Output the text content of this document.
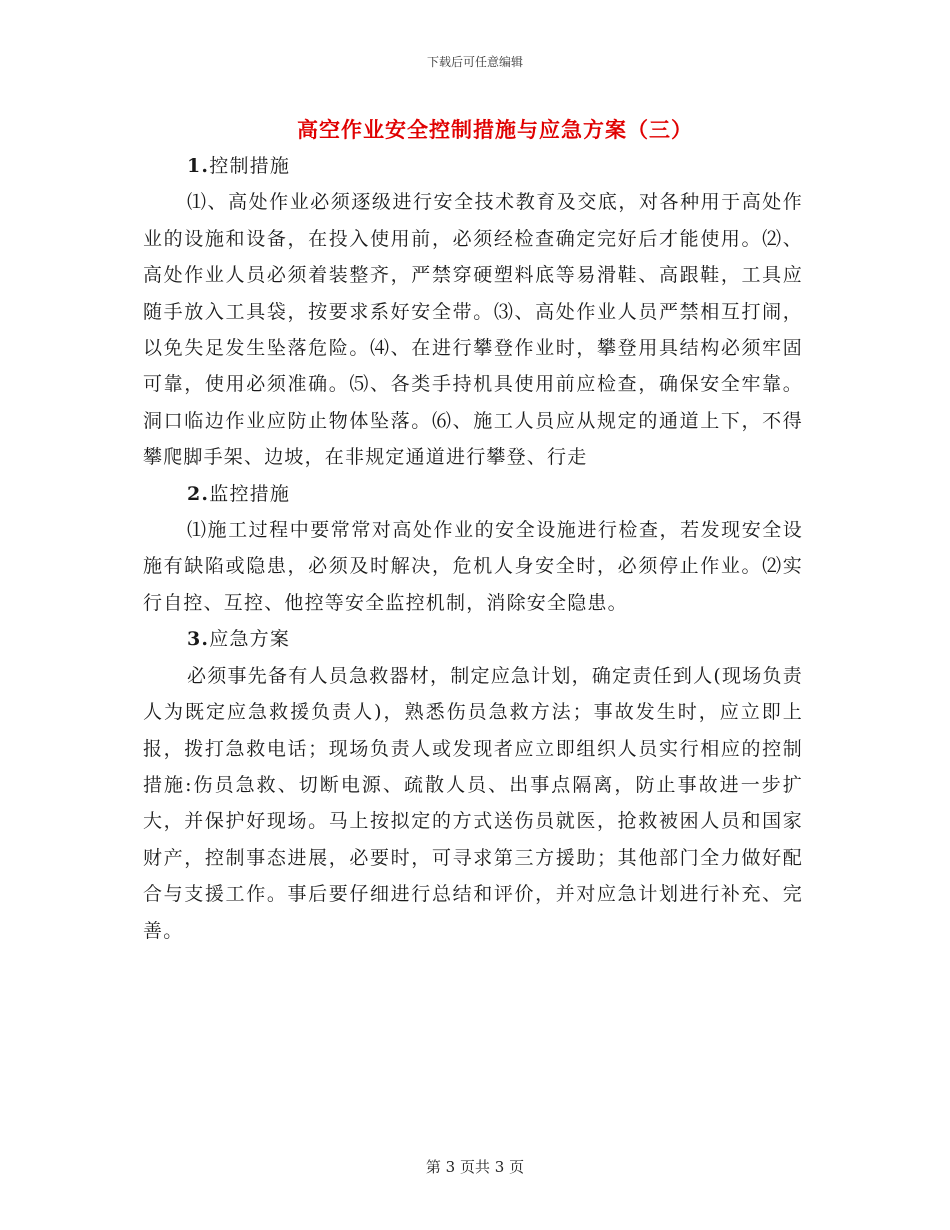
下载后可任意编辑
高空作业安全控制措施与应急方案（三）

1.控制措施

⑴、高处作业必须逐级进行安全技术教育及交底，对各种用于高处作业的设施和设备，在投入使用前，必须经检查确定完好后才能使用。⑵、高处作业人员必须着装整齐，严禁穿硬塑料底等易滑鞋、高跟鞋，工具应随手放入工具袋，按要求系好安全带。⑶、高处作业人员严禁相互打闹，以免失足发生坠落危险。⑷、在进行攀登作业时，攀登用具结构必须牢固可靠，使用必须准确。⑸、各类手持机具使用前应检查，确保安全牢靠。洞口临边作业应防止物体坠落。⑹、施工人员应从规定的通道上下，不得攀爬脚手架、边坡，在非规定通道进行攀登、行走

2.监控措施

⑴施工过程中要常常对高处作业的安全设施进行检查，若发现安全设施有缺陷或隐患，必须及时解决，危机人身安全时，必须停止作业。⑵实行自控、互控、他控等安全监控机制，消除安全隐患。

3.应急方案

必须事先备有人员急救器材，制定应急计划，确定责任到人(现场负责人为既定应急救援负责人)，熟悉伤员急救方法；事故发生时，应立即上报，拨打急救电话；现场负责人或发现者应立即组织人员实行相应的控制措施:伤员急救、切断电源、疏散人员、出事点隔离，防止事故进一步扩大，并保护好现场。马上按拟定的方式送伤员就医，抢救被困人员和国家财产，控制事态进展，必要时，可寻求第三方援助；其他部门全力做好配合与支援工作。事后要仔细进行总结和评价，并对应急计划进行补充、完善。

第 3 页共 3 页
